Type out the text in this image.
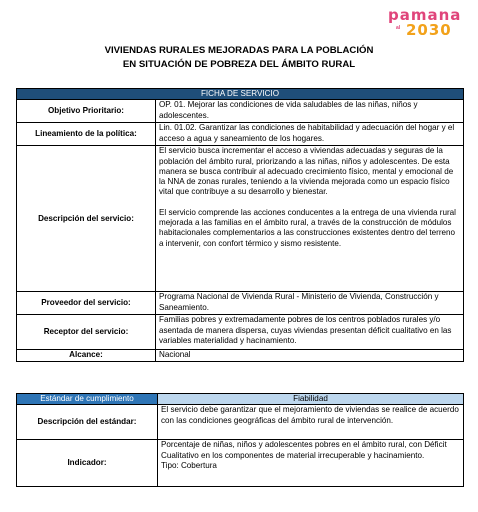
pamana
al 2030
VIVIENDAS RURALES MEJORADAS PARA LA POBLACIÓN
EN SITUACIÓN DE POBREZA DEL ÁMBITO RURAL
FICHA DE SERVICIO	
Objetivo Prioritario:	OP. 01. Mejorar las condiciones de vida saludables de las niñas, niños y adolescentes.
Lineamiento de la política:	Lin. 01.02. Garantizar las condiciones de habitabilidad y adecuación del hogar y el acceso a agua y saneamiento de los hogares.
Descripción del servicio:	El servicio busca incrementar el acceso a viviendas adecuadas y seguras de la población del ámbito rural, priorizando a las niñas, niños y adolescentes. De esta manera se busca contribuir al adecuado crecimiento físico, mental y emocional de la NNA de zonas rurales, teniendo a la vivienda mejorada como un espacio físico vital que contribuye a su desarrollo y bienestar.

El servicio comprende las acciones conducentes a la entrega de una vivienda rural mejorada a las familias en el ámbito rural, a través de la construcción de módulos habitacionales complementarios a las construcciones existentes dentro del terreno a intervenir, con confort térmico y sismo resistente.

Proveedor del servicio:	Programa Nacional de Vivienda Rural - Ministerio de Vivienda, Construcción y Saneamiento.
Receptor del servicio:	Familias pobres y extremadamente pobres de los centros poblados rurales y/o asentada de manera dispersa, cuyas viviendas presentan déficit cualitativo en las variables materialidad y hacinamiento.
Alcance:	Nacional
Estándar de cumplimiento	Fiabilidad
Descripción del estándar:	El servicio debe garantizar que el mejoramiento de viviendas se realice de acuerdo con las condiciones geográficas del ámbito rural de intervención.
Indicador:	Porcentaje de niñas, niños y adolescentes pobres en el ámbito rural, con Déficit Cualitativo en los componentes de material irrecuperable y hacinamiento.

Tipo: Cobertura
